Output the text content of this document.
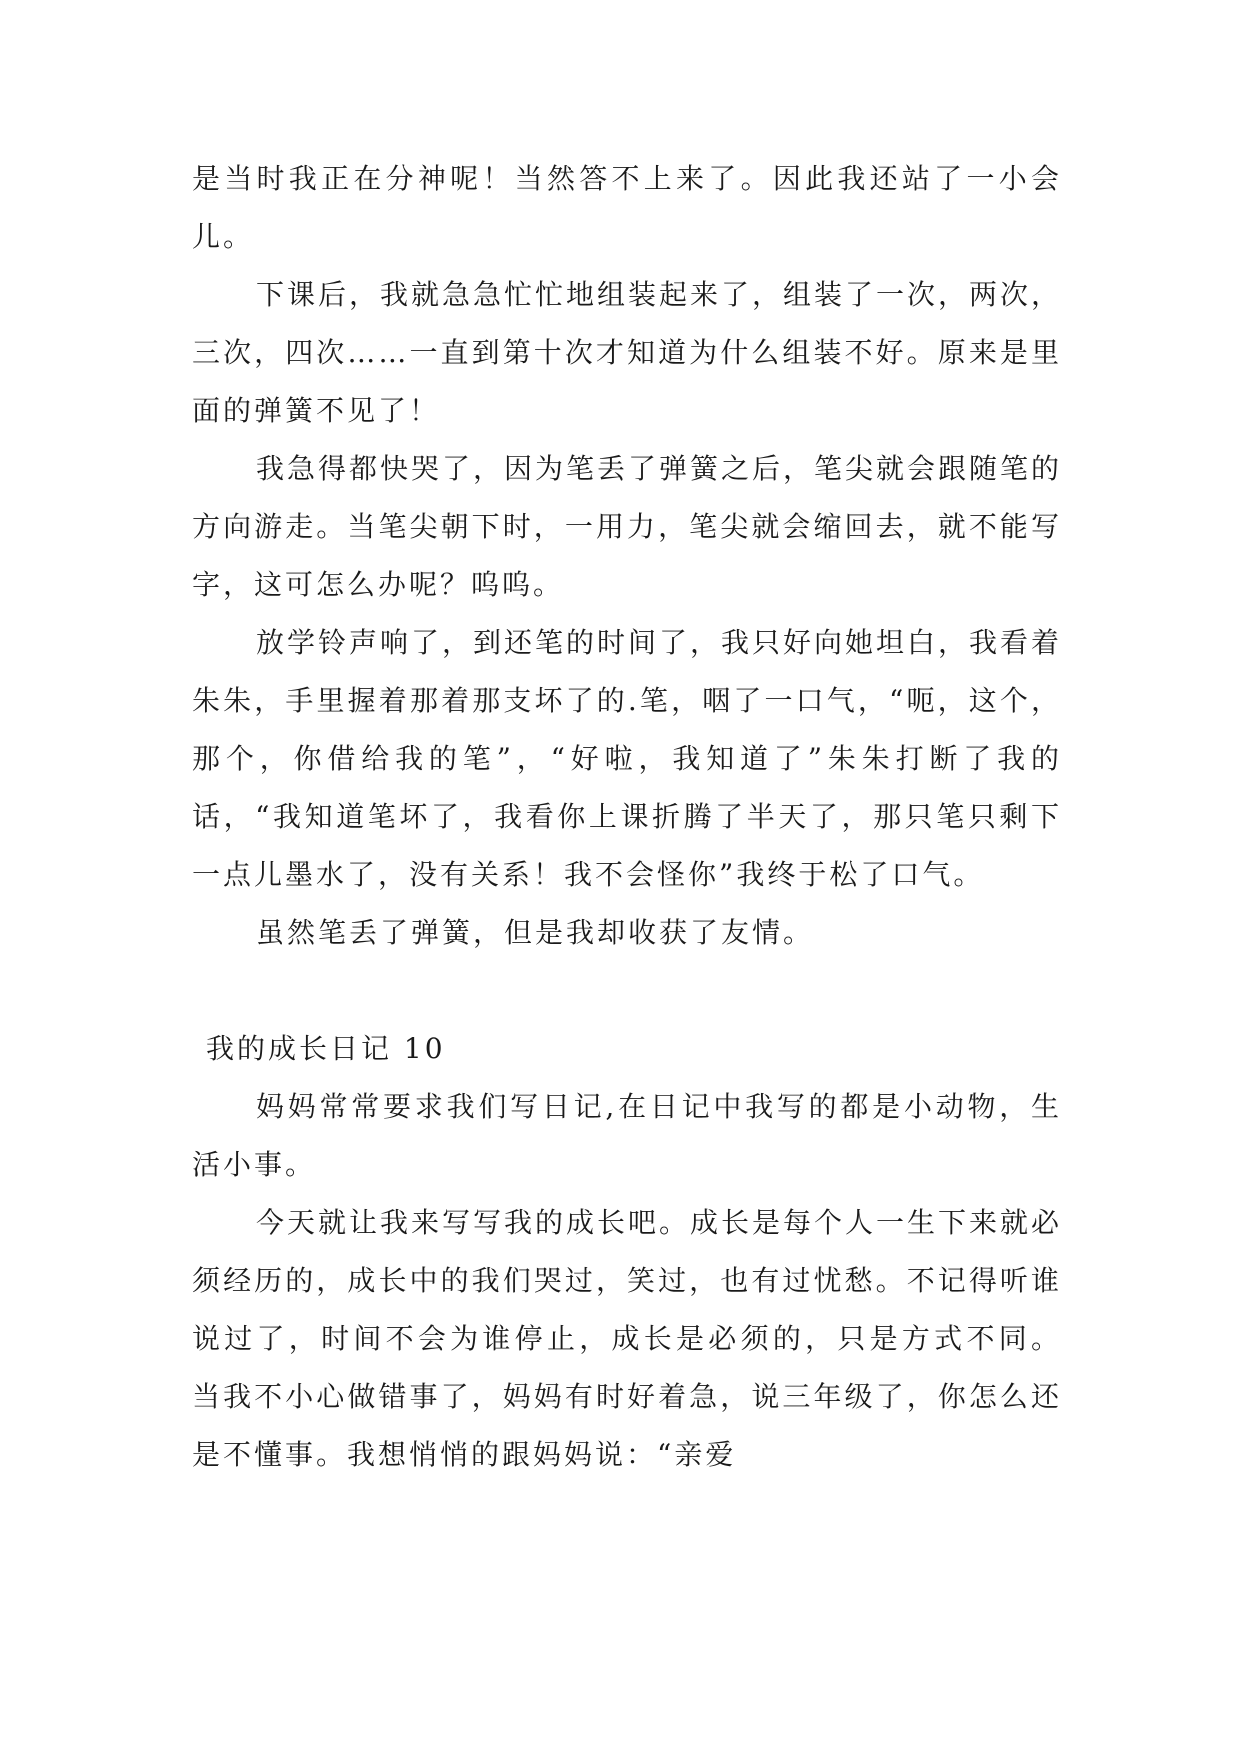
是当时我正在分神呢！当然答不上来了。因此我还站了一小会儿。

下课后，我就急急忙忙地组装起来了，组装了一次，两次，三次，四次……一直到第十次才知道为什么组装不好。原来是里面的弹簧不见了！

我急得都快哭了，因为笔丢了弹簧之后，笔尖就会跟随笔的方向游走。当笔尖朝下时，一用力，笔尖就会缩回去，就不能写字，这可怎么办呢？呜呜。

放学铃声响了，到还笔的时间了，我只好向她坦白，我看着朱朱，手里握着那着那支坏了的.笔，咽了一口气，“呃，这个，那个，你借给我的笔”，“好啦，我知道了”朱朱打断了我的话，“我知道笔坏了，我看你上课折腾了半天了，那只笔只剩下一点儿墨水了，没有关系！我不会怪你”我终于松了口气。

虽然笔丢了弹簧，但是我却收获了友情。

我的成长日记 10

妈妈常常要求我们写日记,在日记中我写的都是小动物，生活小事。

今天就让我来写写我的成长吧。成长是每个人一生下来就必须经历的，成长中的我们哭过，笑过，也有过忧愁。不记得听谁说过了，时间不会为谁停止，成长是必须的，只是方式不同。 当我不小心做错事了，妈妈有时好着急，说三年级了，你怎么还是不懂事。我想悄悄的跟妈妈说：“亲爱
